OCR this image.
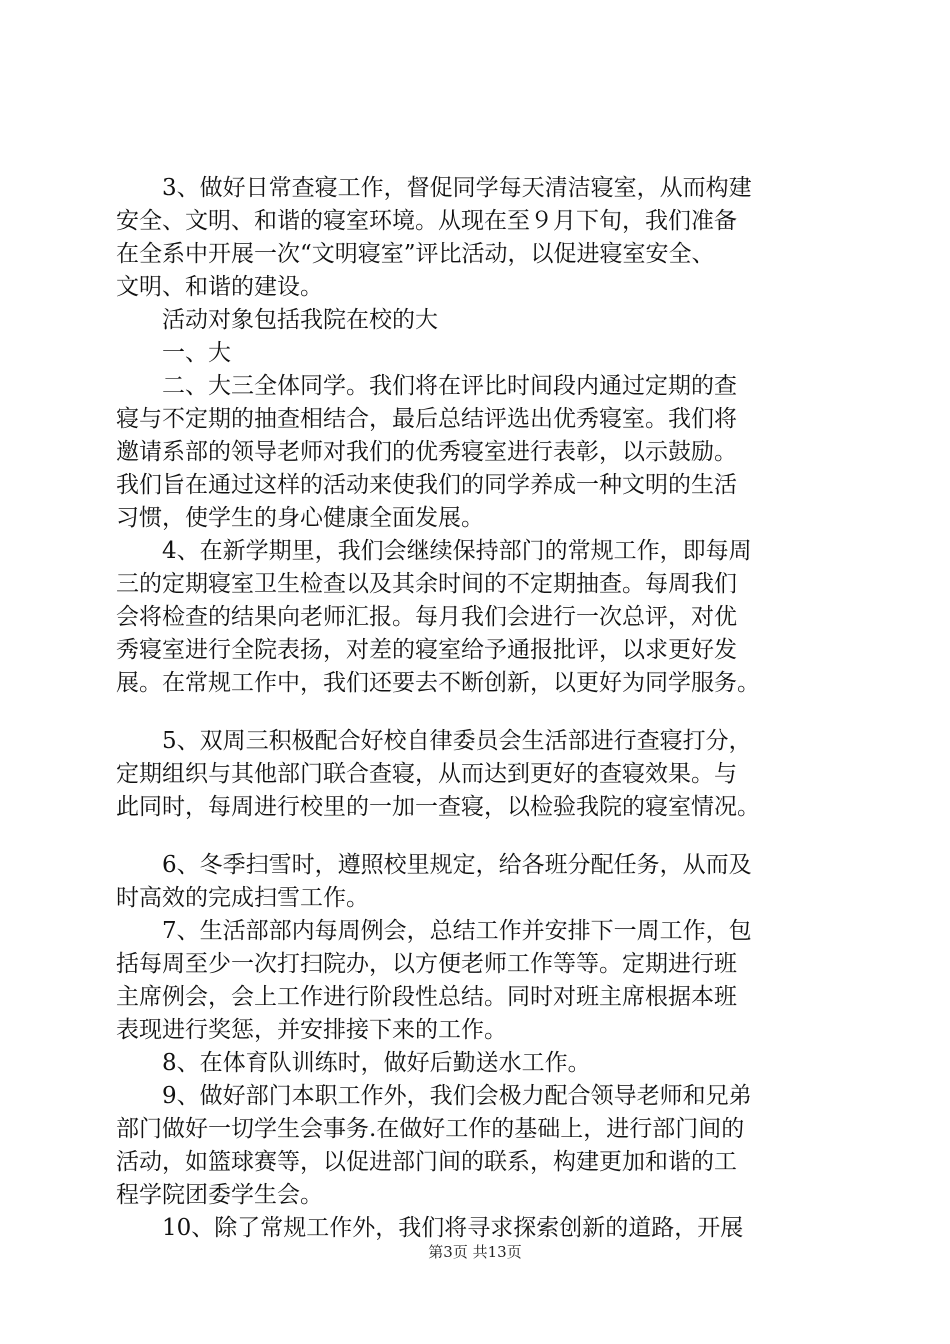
　　3、做好日常查寝工作，督促同学每天清洁寝室，从而构建
安全、文明、和谐的寝室环境。从现在至９月下旬，我们准备
在全系中开展一次“文明寝室”评比活动，以促进寝室安全、
文明、和谐的建设。
　　活动对象包括我院在校的大
　　一、大
　　二、大三全体同学。我们将在评比时间段内通过定期的查
寝与不定期的抽查相结合，最后总结评选出优秀寝室。我们将
邀请系部的领导老师对我们的优秀寝室进行表彰，以示鼓励。
我们旨在通过这样的活动来使我们的同学养成一种文明的生活
习惯，使学生的身心健康全面发展。
　　4、在新学期里，我们会继续保持部门的常规工作，即每周
三的定期寝室卫生检查以及其余时间的不定期抽查。每周我们
会将检查的结果向老师汇报。每月我们会进行一次总评，对优
秀寝室进行全院表扬，对差的寝室给予通报批评，以求更好发
展。在常规工作中，我们还要去不断创新，以更好为同学服务。
　　5、双周三积极配合好校自律委员会生活部进行查寝打分，
定期组织与其他部门联合查寝，从而达到更好的查寝效果。与
此同时，每周进行校里的一加一查寝，以检验我院的寝室情况。
　　6、冬季扫雪时，遵照校里规定，给各班分配任务，从而及
时高效的完成扫雪工作。
　　7、生活部部内每周例会，总结工作并安排下一周工作，包
括每周至少一次打扫院办，以方便老师工作等等。定期进行班
主席例会，会上工作进行阶段性总结。同时对班主席根据本班
表现进行奖惩，并安排接下来的工作。
　　8、在体育队训练时，做好后勤送水工作。
　　9、做好部门本职工作外，我们会极力配合领导老师和兄弟
部门做好一切学生会事务.在做好工作的基础上，进行部门间的
活动，如篮球赛等，以促进部门间的联系，构建更加和谐的工
程学院团委学生会。
　　10、除了常规工作外，我们将寻求探索创新的道路，开展
第3页 共13页
